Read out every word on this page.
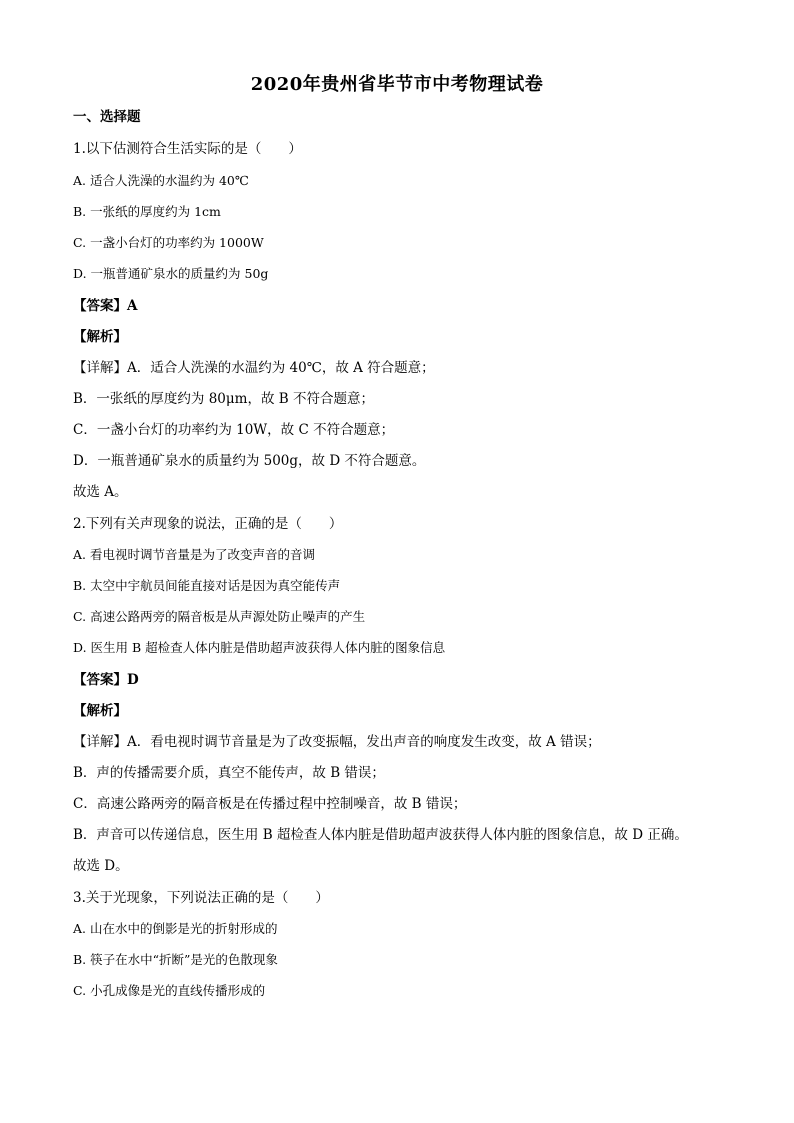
2020年贵州省毕节市中考物理试卷
一、选择题
1.以下估测符合生活实际的是（　　）
A. 适合人洗澡的水温约为 40℃
B. 一张纸的厚度约为 1cm
C. 一盏小台灯的功率约为 1000W
D. 一瓶普通矿泉水的质量约为 50g
【答案】A
【解析】
【详解】A．适合人洗澡的水温约为 40℃，故 A 符合题意；
B．一张纸的厚度约为 80μm，故 B 不符合题意；
C．一盏小台灯的功率约为 10W，故 C 不符合题意；
D．一瓶普通矿泉水的质量约为 500g，故 D 不符合题意。
故选 A。
2.下列有关声现象的说法，正确的是（　　）
A. 看电视时调节音量是为了改变声音的音调
B. 太空中宇航员间能直接对话是因为真空能传声
C. 高速公路两旁的隔音板是从声源处防止噪声的产生
D. 医生用 B 超检查人体内脏是借助超声波获得人体内脏的图象信息
【答案】D
【解析】
【详解】A．看电视时调节音量是为了改变振幅，发出声音的响度发生改变，故 A 错误；
B．声的传播需要介质，真空不能传声，故 B 错误；
C．高速公路两旁的隔音板是在传播过程中控制噪音，故 B 错误；
B．声音可以传递信息，医生用 B 超检查人体内脏是借助超声波获得人体内脏的图象信息，故 D 正确。
故选 D。
3.关于光现象，下列说法正确的是（　　）
A. 山在水中的倒影是光的折射形成的
B. 筷子在水中“折断”是光的色散现象
C. 小孔成像是光的直线传播形成的
